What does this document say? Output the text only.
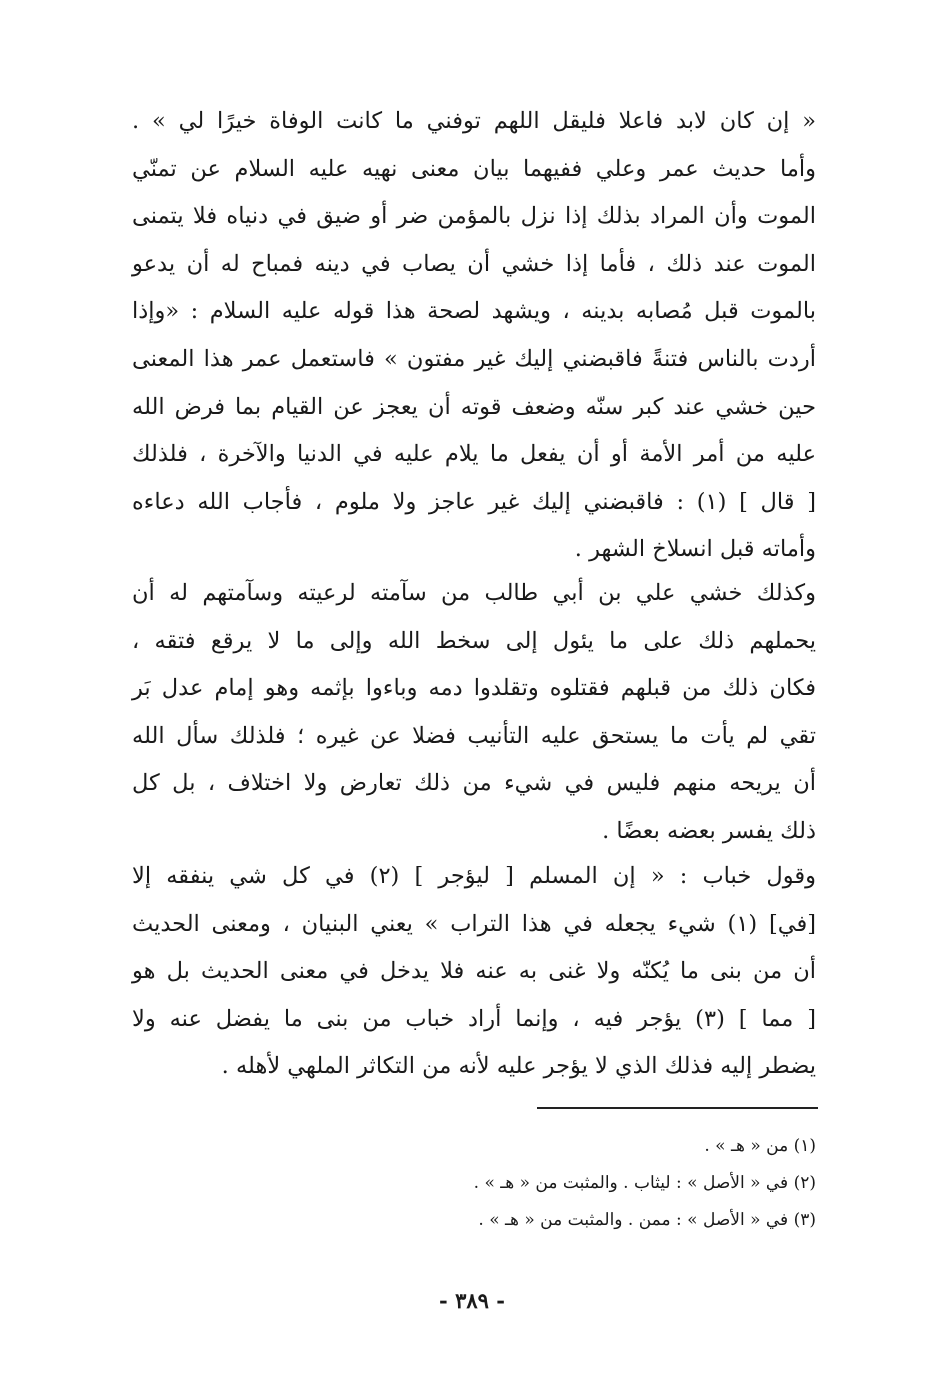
« إن كان لابد فاعلا فليقل اللهم توفني ما كانت الوفاة خيرًا لي » .
وأما حديث عمر وعلي ففيهما بيان معنى نهيه عليه السلام عن تمنّي
الموت وأن المراد بذلك إذا نزل بالمؤمن ضر أو ضيق في دنياه فلا يتمنى
الموت عند ذلك ، فأما إذا خشي أن يصاب في دينه فمباح له أن يدعو
بالموت قبل مُصابه بدينه ، ويشهد لصحة هذا قوله عليه السلام : «وإذا
أردت بالناس فتنةً فاقبضني إليك غير مفتون » فاستعمل عمر هذا المعنى
حين خشي عند كبر سنّه وضعف قوته أن يعجز عن القيام بما فرض الله
عليه من أمر الأمة أو أن يفعل ما يلام عليه في الدنيا والآخرة ، فلذلك
[ قال ] (١) : فاقبضني إليك غير عاجز ولا ملوم ، فأجاب الله دعاءه
وأماته قبل انسلاخ الشهر .
وكذلك خشي علي بن أبي طالب من سآمته لرعيته وسآمتهم له أن
يحملهم ذلك على ما يئول إلى سخط الله وإلى ما لا يرقع فتقه ،
فكان ذلك من قبلهم فقتلوه وتقلدوا دمه وباءوا بإثمه وهو إمام عدل بَر
تقي لم يأت ما يستحق عليه التأنيب فضلا عن غيره ؛ فلذلك سأل الله
أن يريحه منهم فليس في شيء من ذلك تعارض ولا اختلاف ، بل كل
ذلك يفسر بعضه بعضًا .
وقول خباب : « إن المسلم [ ليؤجر ] (٢) في كل شي ينفقه إلا
[في] (١) شيء يجعله في هذا التراب » يعني البنيان ، ومعنى الحديث
أن من بنى ما يُكنّه ولا غنى به عنه فلا يدخل في معنى الحديث بل هو
[ مما ] (٣) يؤجر فيه ، وإنما أراد خباب من بنى ما يفضل عنه ولا
يضطر إليه فذلك الذي لا يؤجر عليه لأنه من التكاثر الملهي لأهله .
(١) من « هـ » .
(٢) في « الأصل » : ليثاب . والمثبت من « هـ » .
(٣) في « الأصل » : ممن . والمثبت من « هـ » .
- ٣٨٩ -
